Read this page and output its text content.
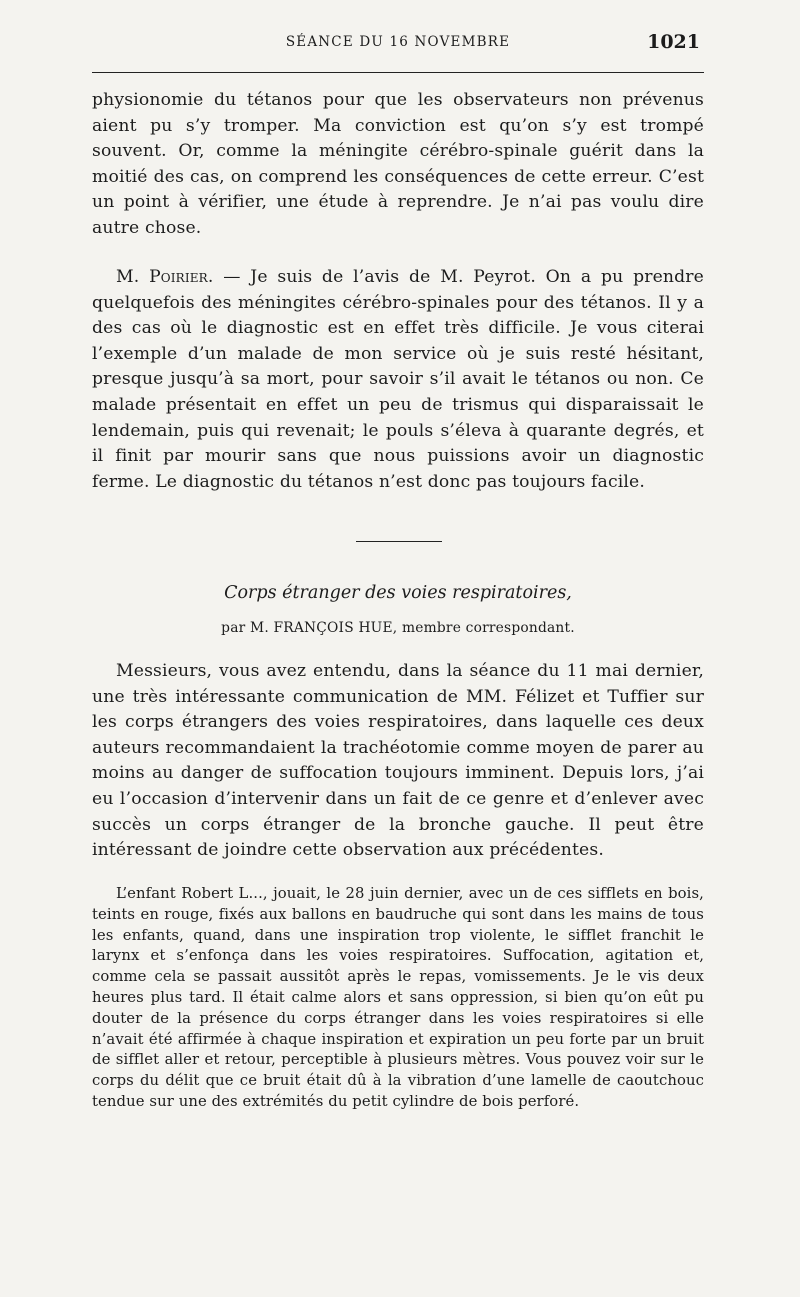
SÉANCE DU 16 NOVEMBRE	1021

physionomie du tétanos pour que les observateurs non prévenus aient pu s’y tromper. Ma conviction est qu’on s’y est trompé souvent. Or, comme la méningite cérébro-spinale guérit dans la moitié des cas, on comprend les conséquences de cette erreur. C’est un point à vérifier, une étude à reprendre. Je n’ai pas voulu dire autre chose.

M. Poirier. — Je suis de l’avis de M. Peyrot. On a pu prendre quelquefois des méningites cérébro-spinales pour des tétanos. Il y a des cas où le diagnostic est en effet très difficile. Je vous citerai l’exemple d’un malade de mon service où je suis resté hésitant, presque jusqu’à sa mort, pour savoir s’il avait le tétanos ou non. Ce malade présentait en effet un peu de trismus qui disparaissait le lendemain, puis qui revenait; le pouls s’éleva à quarante degrés, et il finit par mourir sans que nous puissions avoir un diagnostic ferme. Le diagnostic du tétanos n’est donc pas toujours facile.

Corps étranger des voies respiratoires,
par M. FRANÇOIS HUE, membre correspondant.

Messieurs, vous avez entendu, dans la séance du 11 mai dernier, une très intéressante communication de MM. Félizet et Tuffier sur les corps étrangers des voies respiratoires, dans laquelle ces deux auteurs recommandaient la trachéotomie comme moyen de parer au moins au danger de suffocation toujours imminent. Depuis lors, j’ai eu l’occasion d’intervenir dans un fait de ce genre et d’enlever avec succès un corps étranger de la bronche gauche. Il peut être intéressant de joindre cette observation aux précédentes.

L’enfant Robert L..., jouait, le 28 juin dernier, avec un de ces sifflets en bois, teints en rouge, fixés aux ballons en baudruche qui sont dans les mains de tous les enfants, quand, dans une inspiration trop violente, le sifflet franchit le larynx et s’enfonça dans les voies respiratoires. Suffocation, agitation et, comme cela se passait aussitôt après le repas, vomissements. Je le vis deux heures plus tard. Il était calme alors et sans oppression, si bien qu’on eût pu douter de la présence du corps étranger dans les voies respiratoires si elle n’avait été affirmée à chaque inspiration et expiration un peu forte par un bruit de sifflet aller et retour, perceptible à plusieurs mètres. Vous pouvez voir sur le corps du délit que ce bruit était dû à la vibration d’une lamelle de caoutchouc tendue sur une des extrémités du petit cylindre de bois perforé.
